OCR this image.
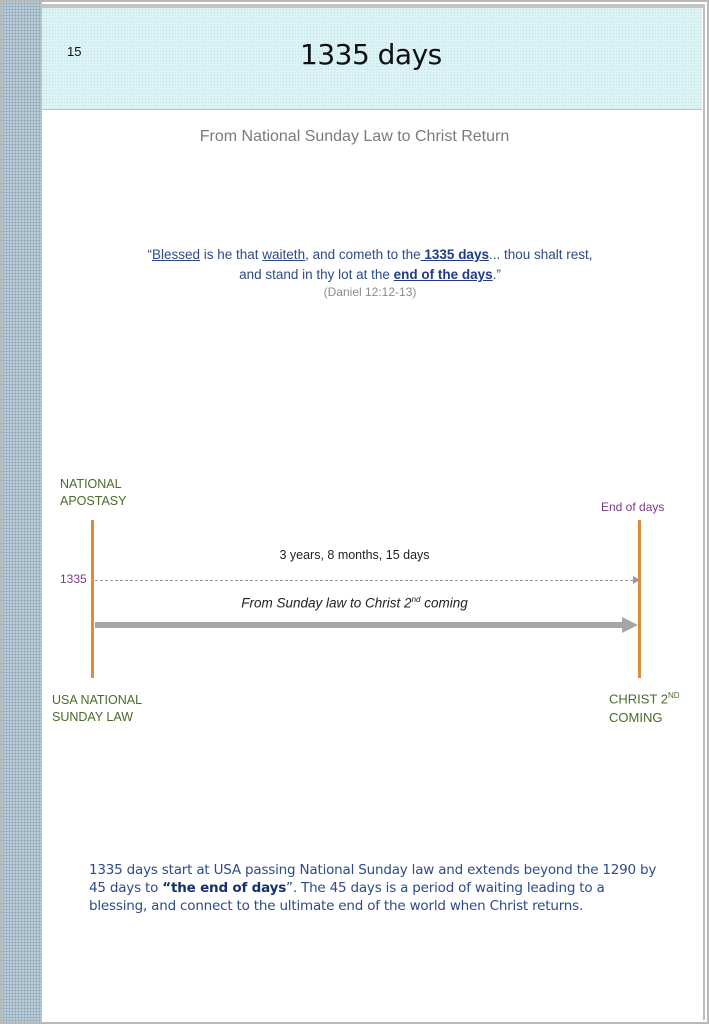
15	1335 days
From National Sunday Law to Christ Return
“Blessed is he that waiteth, and cometh to the 1335 days... thou shalt rest,
and stand in thy lot at the end of the days.”
(Daniel 12:12-13)
NATIONAL
APOSTASY	End of days
3 years, 8 months, 15 days
1335
From Sunday law to Christ 2nd coming
USA NATIONAL
SUNDAY LAW
CHRIST 2ND
COMING
1335 days start at USA passing National Sunday law and extends beyond the 1290 by 45 days to “the end of days”. The 45 days is a period of waiting leading to a blessing, and connect to the ultimate end of the world when Christ returns.
